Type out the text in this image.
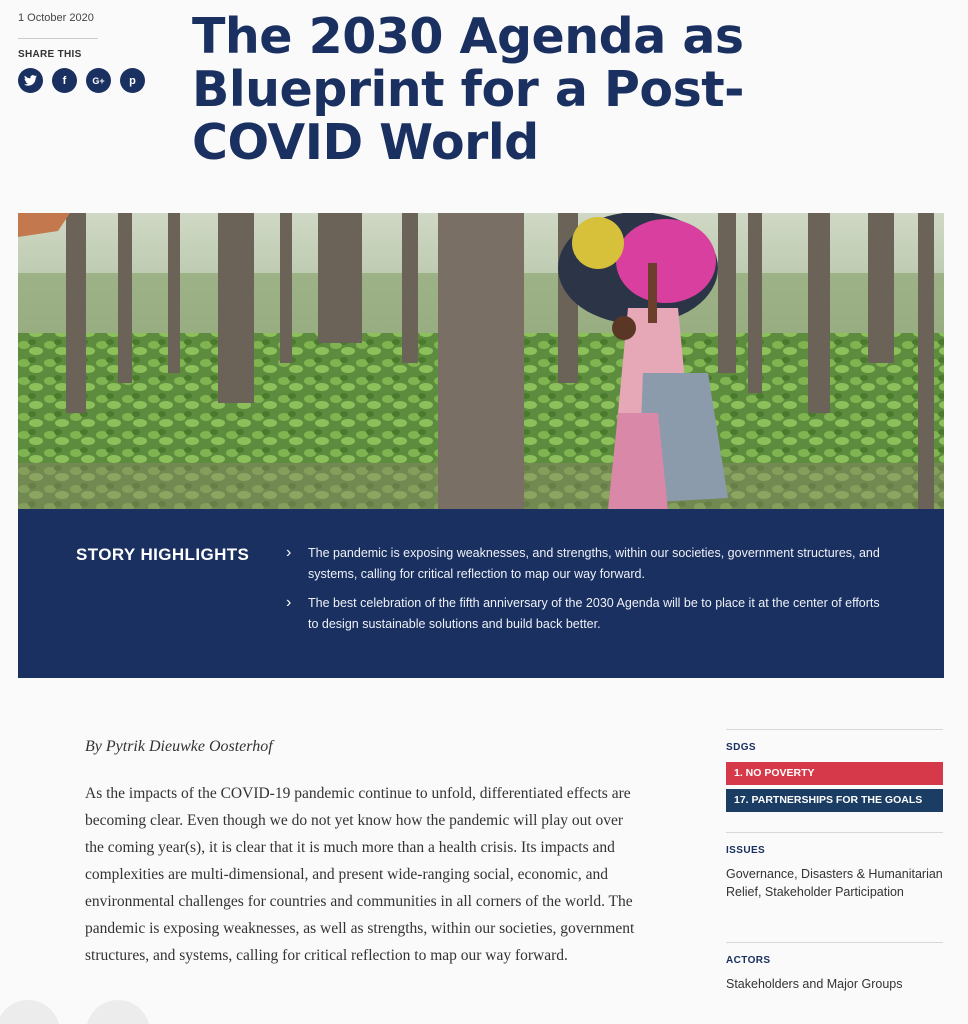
1 October 2020
SHARE THIS
f	G+ p
The 2030 Agenda as Blueprint for a Post-COVID World
STORY HIGHLIGHTS › The pandemic is exposing weaknesses, and strengths, within our societies, government structures, and systems, calling for critical reflection to map our way forward.
› The best celebration of the fifth anniversary of the 2030 Agenda will be to place it at the center of efforts to design sustainable solutions and build back better.
By Pytrik Dieuwke Oosterhof

As the impacts of the COVID-19 pandemic continue to unfold, differentiated effects are becoming clear. Even though we do not yet know how the pandemic will play out over the coming year(s), it is clear that it is much more than a health crisis. Its impacts and complexities are multi-dimensional, and present wide-ranging social, economic, and environmental challenges for countries and communities in all corners of the world. The pandemic is exposing weaknesses, as well as strengths, within our societies, government structures, and systems, calling for critical reflection to map our way forward.

SDGS
1. NO POVERTY
17. PARTNERSHIPS FOR THE GOALS
ISSUES
Governance, Disasters & Humanitarian Relief, Stakeholder Participation
ACTORS
Stakeholders and Major Groups
